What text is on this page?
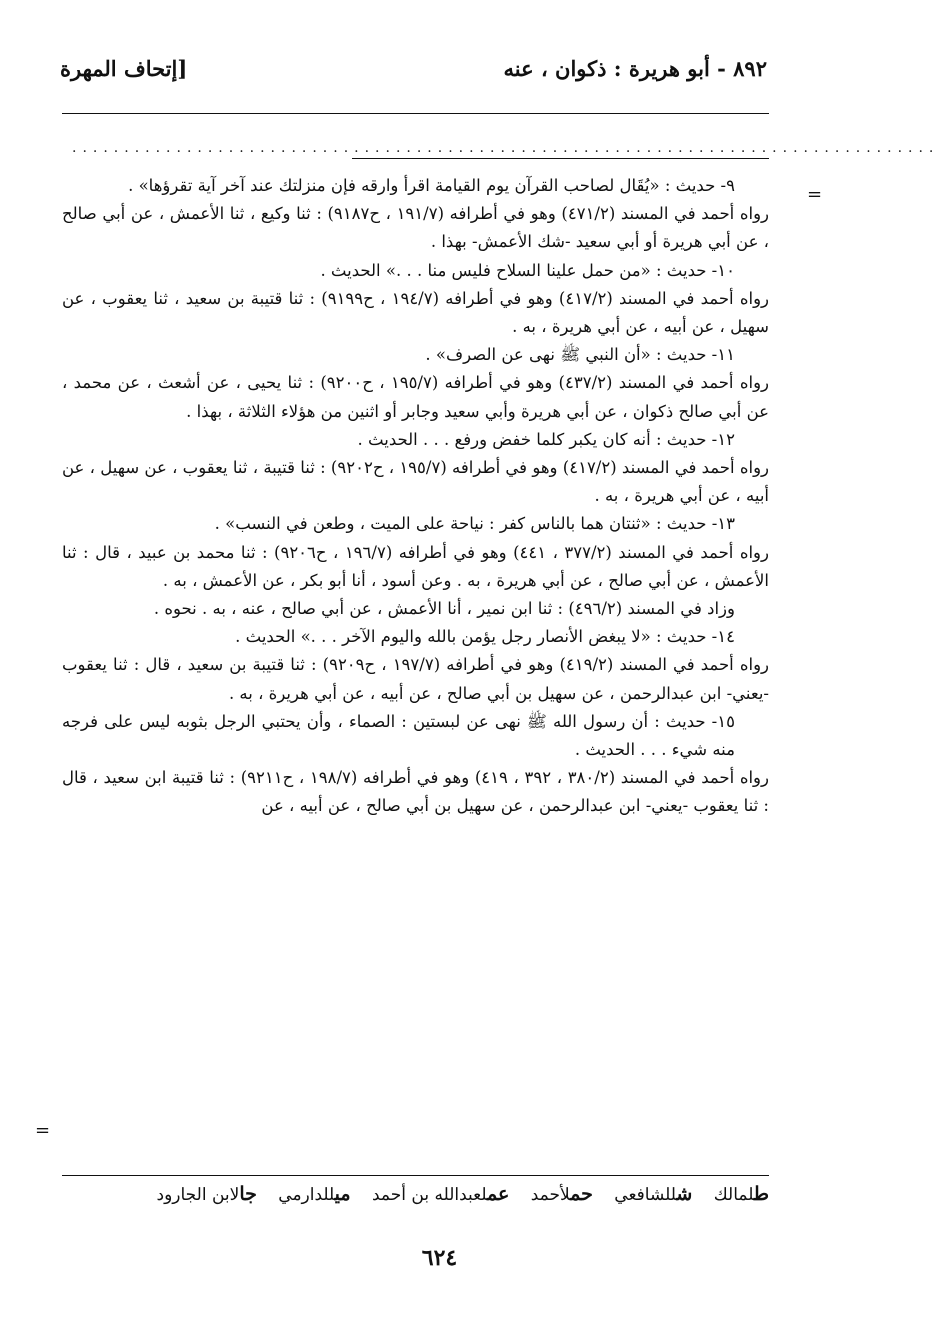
٨٩٢ - أبو هريرة : ذكوان ، عنه
[إتحاف المهرة
...................................................................................
=
=

٩- حديث : «يُقَال لصاحب القرآن يوم القيامة اقرأ وارقه فإن منزلتك عند آخر آية تقرؤها» .

رواه أحمد في المسند (٤٧١/٢) وهو في أطرافه (١٩١/٧ ، ح٩١٨٧) : ثنا وكيع ، ثنا الأعمش ، عن أبي صالح ، عن أبي هريرة أو أبي سعيد -شك الأعمش- بهذا .

١٠- حديث : «من حمل علينا السلاح فليس منا . . .» الحديث .

رواه أحمد في المسند (٤١٧/٢) وهو في أطرافه (١٩٤/٧ ، ح٩١٩٩) : ثنا قتيبة بن سعيد ، ثنا يعقوب ، عن سهيل ، عن أبيه ، عن أبي هريرة ، به .

١١- حديث : «أن النبي ﷺ نهى عن الصرف» .

رواه أحمد في المسند (٤٣٧/٢) وهو في أطرافه (١٩٥/٧ ، ح٩٢٠٠) : ثنا يحيى ، عن أشعث ، عن محمد ، عن أبي صالح ذكوان ، عن أبي هريرة وأبي سعيد وجابر أو اثنين من هؤلاء الثلاثة ، بهذا .

١٢- حديث : أنه كان يكبر كلما خفض ورفع . . . الحديث .

رواه أحمد في المسند (٤١٧/٢) وهو في أطرافه (١٩٥/٧ ، ح٩٢٠٢) : ثنا قتيبة ، ثنا يعقوب ، عن سهيل ، عن أبيه ، عن أبي هريرة ، به .

١٣- حديث : «ثنتان هما بالناس كفر : نياحة على الميت ، وطعن في النسب» .

رواه أحمد في المسند (٣٧٧/٢ ، ٤٤١) وهو في أطرافه (١٩٦/٧ ، ح٩٢٠٦) : ثنا محمد بن عبيد ، قال : ثنا الأعمش ، عن أبي صالح ، عن أبي هريرة ، به . وعن أسود ، أنا أبو بكر ، عن الأعمش ، به .

وزاد في المسند (٤٩٦/٢) : ثنا ابن نمير ، أنا الأعمش ، عن أبي صالح ، عنه ، به . نحوه .

١٤- حديث : «لا يبغض الأنصار رجل يؤمن بالله واليوم الآخر . . .» الحديث .

رواه أحمد في المسند (٤١٩/٢) وهو في أطرافه (١٩٧/٧ ، ح٩٢٠٩) : ثنا قتيبة بن سعيد ، قال : ثنا يعقوب -يعني- ابن عبدالرحمن ، عن سهيل بن أبي صالح ، عن أبيه ، عن أبي هريرة ، به .

١٥- حديث : أن رسول الله ﷺ نهى عن لبستين : الصماء ، وأن يحتبي الرجل بثوبه ليس على فرجه منه شيء . . . الحديث .

رواه أحمد في المسند (٣٨٠/٢ ، ٣٩٢ ، ٤١٩) وهو في أطرافه (١٩٨/٧ ، ح٩٢١١) : ثنا قتيبة ابن سعيد ، قال : ثنا يعقوب -يعني- ابن عبدالرحمن ، عن سهيل بن أبي صالح ، عن أبيه ، عن

طلمالك شللشافعي حملأحمد عملعبدالله بن أحمد ميللدارمي جالابن الجارود
٦٢٤
